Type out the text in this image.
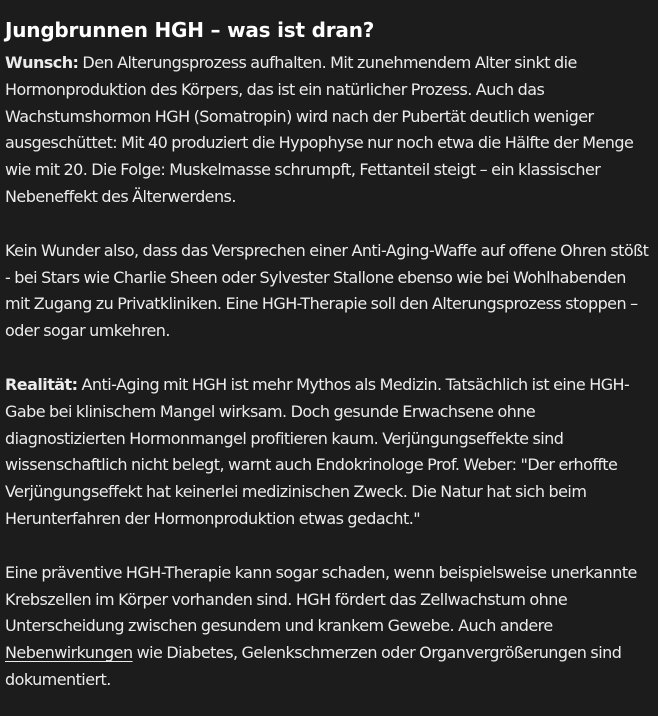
Jungbrunnen HGH – was ist dran?

Wunsch: Den Alterungsprozess aufhalten. Mit zunehmendem Alter sinkt die Hormonproduktion des Körpers, das ist ein natürlicher Prozess. Auch das Wachstumshormon HGH (Somatropin) wird nach der Pubertät deutlich weniger ausgeschüttet: Mit 40 produziert die Hypophyse nur noch etwa die Hälfte der Menge wie mit 20. Die Folge: Muskelmasse schrumpft, Fettanteil steigt – ein klassischer Nebeneffekt des Älterwerdens.

Kein Wunder also, dass das Versprechen einer Anti-Aging-Waffe auf offene Ohren stößt - bei Stars wie Charlie Sheen oder Sylvester Stallone ebenso wie bei Wohlhabenden mit Zugang zu Privatkliniken. Eine HGH-Therapie soll den Alterungsprozess stoppen – oder sogar umkehren.

Realität: Anti-Aging mit HGH ist mehr Mythos als Medizin. Tatsächlich ist eine HGH-Gabe bei klinischem Mangel wirksam. Doch gesunde Erwachsene ohne diagnostizierten Hormonmangel profitieren kaum. Verjüngungseffekte sind wissenschaftlich nicht belegt, warnt auch Endokrinologe Prof. Weber: "Der erhoffte Verjüngungseffekt hat keinerlei medizinischen Zweck. Die Natur hat sich beim Herunterfahren der Hormonproduktion etwas gedacht."

Eine präventive HGH-Therapie kann sogar schaden, wenn beispielsweise unerkannte Krebszellen im Körper vorhanden sind. HGH fördert das Zellwachstum ohne Unterscheidung zwischen gesundem und krankem Gewebe. Auch andere Nebenwirkungen wie Diabetes, Gelenkschmerzen oder Organvergrößerungen sind dokumentiert.
